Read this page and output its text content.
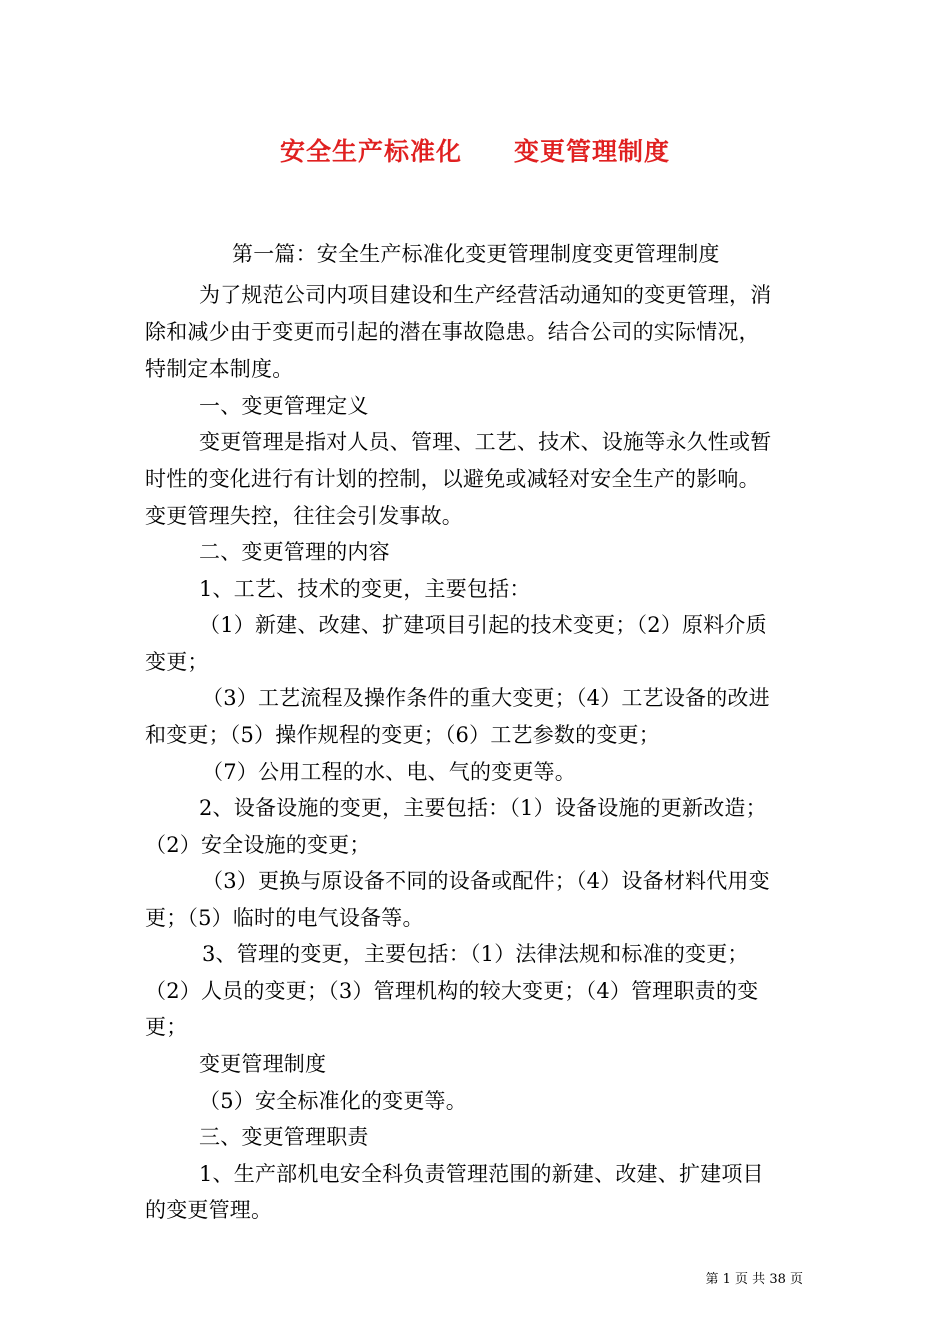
安全生产标准化　　变更管理制度
第一篇：安全生产标准化变更管理制度变更管理制度
为了规范公司内项目建设和生产经营活动通知的变更管理，消
除和减少由于变更而引起的潜在事故隐患。结合公司的实际情况，
特制定本制度。
一、变更管理定义
变更管理是指对人员、管理、工艺、技术、设施等永久性或暂
时性的变化进行有计划的控制，以避免或减轻对安全生产的影响。
变更管理失控，往往会引发事故。
二、变更管理的内容
1、工艺、技术的变更，主要包括：
（1）新建、改建、扩建项目引起的技术变更；（2）原料介质
变更；
（3）工艺流程及操作条件的重大变更；（4）工艺设备的改进
和变更；（5）操作规程的变更；（6）工艺参数的变更；
（7）公用工程的水、电、气的变更等。
2、设备设施的变更，主要包括：（1）设备设施的更新改造；
（2）安全设施的变更；
（3）更换与原设备不同的设备或配件；（4）设备材料代用变
更；（5）临时的电气设备等。
3、管理的变更，主要包括：（1）法律法规和标准的变更；
（2）人员的变更；（3）管理机构的较大变更；（4）管理职责的变
更；
变更管理制度
（5）安全标准化的变更等。
三、变更管理职责
1、生产部机电安全科负责管理范围的新建、改建、扩建项目
的变更管理。
第 1 页 共 38 页
